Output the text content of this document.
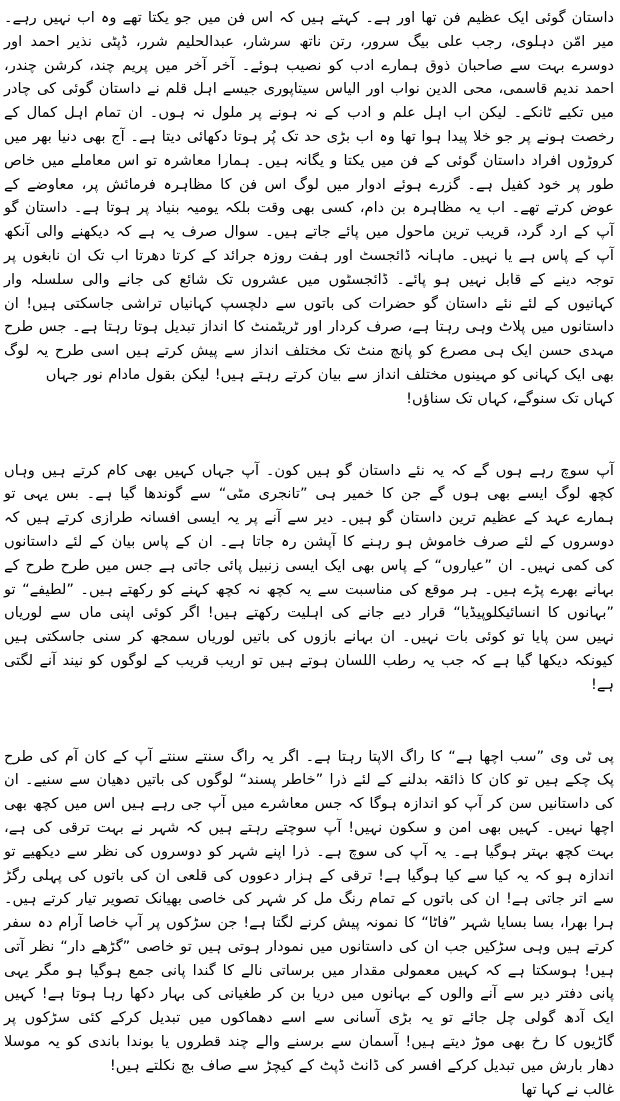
داستان گوئی ایک عظیم فن تھا اور ہے۔ کہتے ہیں کہ اس فن میں جو یکتا تھے وہ اب نہیں رہے۔ میر امّن دہلوی، رجب علی بیگ سرور، رتن ناتھ سرشار، عبدالحلیم شرر، ڈپٹی نذیر احمد اور دوسرے بہت سے صاحبان ذوق ہمارے ادب کو نصیب ہوئے۔ آخر آخر میں پریم چند، کرشن چندر، احمد ندیم قاسمی، محی الدین نواب اور الیاس سیتاپوری جیسے اہل قلم نے داستان گوئی کی چادر میں تکیے ٹانکے۔ لیکن اب اہل علم و ادب کے نہ ہونے پر ملول نہ ہوں۔ ان تمام اہل کمال کے رخصت ہونے پر جو خلا پیدا ہوا تھا وہ اب بڑی حد تک پُر ہوتا دکھائی دیتا ہے۔ آج بھی دنیا بھر میں کروڑوں افراد داستان گوئی کے فن میں یکتا و یگانہ ہیں۔ ہمارا معاشرہ تو اس معاملے میں خاص طور پر خود کفیل ہے۔ گزرے ہوئے ادوار میں لوگ اس فن کا مظاہرہ فرمائش پر، معاوضے کے عوض کرتے تھے۔ اب یہ مظاہرہ بن دام، کسی بھی وقت بلکہ یومیہ بنیاد پر ہوتا ہے۔ داستان گو آپ کے ارد گرد، قریب ترین ماحول میں پائے جاتے ہیں۔ سوال صرف یہ ہے کہ دیکھنے والی آنکھ آپ کے پاس ہے یا نہیں۔ ماہانہ ڈائجسٹ اور ہفت روزہ جرائد کے کرتا دھرتا اب تک ان نابغوں پر توجہ دینے کے قابل نہیں ہو پائے۔ ڈائجسٹوں میں عشروں تک شائع کی جانے والی سلسلہ وار کہانیوں کے لئے نئے داستان گو حضرات کی باتوں سے دلچسپ کہانیاں تراشی جاسکتی ہیں! ان داستانوں میں پلاٹ وہی رہتا ہے، صرف کردار اور ٹریٹمنٹ کا انداز تبدیل ہوتا رہتا ہے۔ جس طرح مہدی حسن ایک ہی مصرع کو پانچ منٹ تک مختلف انداز سے پیش کرتے ہیں اسی طرح یہ لوگ بھی ایک کہانی کو مہینوں مختلف انداز سے بیان کرتے رہتے ہیں! لیکن بقول مادام نور جہاں

کہاں تک سنوگے، کہاں تک سناؤں!

آپ سوچ رہے ہوں گے کہ یہ نئے داستان گو ہیں کون۔ آپ جہاں کہیں بھی کام کرتے ہیں وہاں کچھ لوگ ایسے بھی ہوں گے جن کا خمیر ہی ”تانجری مٹی“ سے گوندھا گیا ہے۔ بس یہی تو ہمارے عہد کے عظیم ترین داستان گو ہیں۔ دیر سے آنے پر یہ ایسی افسانہ طرازی کرتے ہیں کہ دوسروں کے لئے صرف خاموش ہو رہنے کا آپشن رہ جاتا ہے۔ ان کے پاس بیان کے لئے داستانوں کی کمی نہیں۔ ان ”عیاروں“ کے پاس بھی ایک ایسی زنبیل پائی جاتی ہے جس میں طرح طرح کے بہانے بھرے پڑے ہیں۔ ہر موقع کی مناسبت سے یہ کچھ نہ کچھ کہنے کو رکھتے ہیں۔ ”لطیفے“ تو ”بہانوں کا انسائیکلوپیڈیا“ قرار دیے جانے کی اہلیت رکھتے ہیں! اگر کوئی اپنی ماں سے لوریاں نہیں سن پایا تو کوئی بات نہیں۔ ان بہانے بازوں کی باتیں لوریاں سمجھ کر سنی جاسکتی ہیں کیونکہ دیکھا گیا ہے کہ جب یہ رطب اللسان ہوتے ہیں تو اریب قریب کے لوگوں کو نیند آنے لگتی ہے!

پی ٹی وی ”سب اچھا ہے“ کا راگ الاپتا رہتا ہے۔ اگر یہ راگ سنتے سنتے آپ کے کان آم کی طرح پک چکے ہیں تو کان کا ذائقہ بدلنے کے لئے ذرا ”خاطر پسند“ لوگوں کی باتیں دھیان سے سنیے۔ ان کی داستانیں سن کر آپ کو اندازہ ہوگا کہ جس معاشرے میں آپ جی رہے ہیں اس میں کچھ بھی اچھا نہیں۔ کہیں بھی امن و سکون نہیں! آپ سوچتے رہتے ہیں کہ شہر نے بہت ترقی کی ہے، بہت کچھ بہتر ہوگیا ہے۔ یہ آپ کی سوچ ہے۔ ذرا اپنے شہر کو دوسروں کی نظر سے دیکھیے تو اندازہ ہو کہ یہ کیا سے کیا ہوگیا ہے! ترقی کے ہزار دعووں کی قلعی ان کی باتوں کی پہلی رگڑ سے اتر جاتی ہے! ان کی باتوں کے تمام رنگ مل کر شہر کی خاصی بھیانک تصویر تیار کرتے ہیں۔ ہرا بھرا، بسا بسایا شہر ”فاٹا“ کا نمونہ پیش کرنے لگتا ہے! جن سڑکوں پر آپ خاصا آرام دہ سفر کرتے ہیں وہی سڑکیں جب ان کی داستانوں میں نمودار ہوتی ہیں تو خاصی ”گڑھے دار“ نظر آتی ہیں! ہوسکتا ہے کہ کہیں معمولی مقدار میں برساتی نالے کا گندا پانی جمع ہوگیا ہو مگر یہی پانی دفتر دیر سے آنے والوں کے بہانوں میں دریا بن کر طغیانی کی بہار دکھا رہا ہوتا ہے! کہیں ایک آدھ گولی چل جائے تو یہ بڑی آسانی سے اسے دھماکوں میں تبدیل کرکے کئی سڑکوں پر گاڑیوں کا رخ بھی موڑ دیتے ہیں! آسمان سے برسنے والے چند قطروں یا بوندا باندی کو یہ موسلا دھار بارش میں تبدیل کرکے افسر کی ڈانٹ ڈپٹ کے کیچڑ سے صاف بچ نکلتے ہیں!

غالب نے کہا تھا
